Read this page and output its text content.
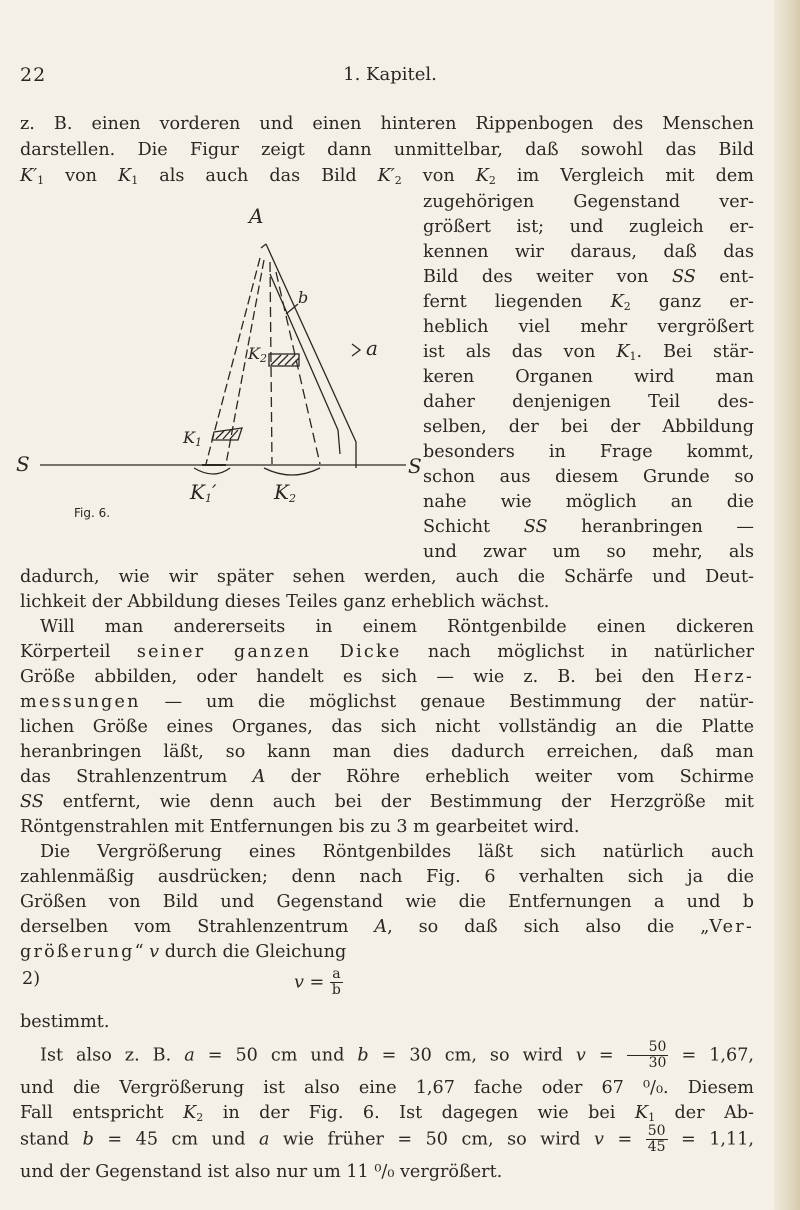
22	1. Kapitel.
z. B. einen vorderen und einen hinteren Rippenbogen des Menschen
darstellen. Die Figur zeigt dann unmittelbar, daß sowohl das Bild
$K'_1$ von $K_1$ als auch das Bild $K'_2$ von $K_2$ im Vergleich mit dem
A
b
a
$K_2$
$K_1$
S	S
$K_1'$	$K_2$
Fig. 6.
zugehörigen Gegenstand ver-
größert ist; und zugleich er-
kennen wir daraus, daß das
Bild des weiter von SS ent-
fernt liegenden $K_2$ ganz er-
heblich viel mehr vergrößert
ist als das von $K_1$. Bei stär-
keren Organen wird man
daher denjenigen Teil des-
selben, der bei der Abbildung
besonders in Frage kommt,
schon aus diesem Grunde so
nahe wie möglich an die
Schicht SS heranbringen —
und zwar um so mehr, als
dadurch, wie wir später sehen werden, auch die Schärfe und Deut-
lichkeit der Abbildung dieses Teiles ganz erheblich wächst.
Will man andererseits in einem Röntgenbilde einen dickeren
Körperteil seiner ganzen Dicke nach möglichst in natürlicher
Größe abbilden, oder handelt es sich — wie z. B. bei den Herz-
messungen — um die möglichst genaue Bestimmung der natür-
lichen Größe eines Organes, das sich nicht vollständig an die Platte
heranbringen läßt, so kann man dies dadurch erreichen, daß man
das Strahlenzentrum A der Röhre erheblich weiter vom Schirme
SS entfernt, wie denn auch bei der Bestimmung der Herzgröße mit
Röntgenstrahlen mit Entfernungen bis zu 3 m gearbeitet wird.
Die Vergrößerung eines Röntgenbildes läßt sich natürlich auch
zahlenmäßig ausdrücken; denn nach Fig. 6 verhalten sich ja die
Größen von Bild und Gegenstand wie die Entfernungen a und b
derselben vom Strahlenzentrum A, so daß sich also die „Ver-
größerung“ v durch die Gleichung
2)	$v = \frac{a}{b}$
bestimmt.
Ist also z. B. a = 50 cm und b = 30 cm, so wird $v = \frac{50}{30} = 1,67$,
und die Vergrößerung ist also eine 1,67 fache oder 67 ⁰/₀. Diesem
Fall entspricht $K_2$ in der Fig. 6. Ist dagegen wie bei $K_1$ der Ab-
stand b = 45 cm und a wie früher = 50 cm, so wird $v = \frac{50}{45} = 1,11$,
und der Gegenstand ist also nur um 11 ⁰/₀ vergrößert.
